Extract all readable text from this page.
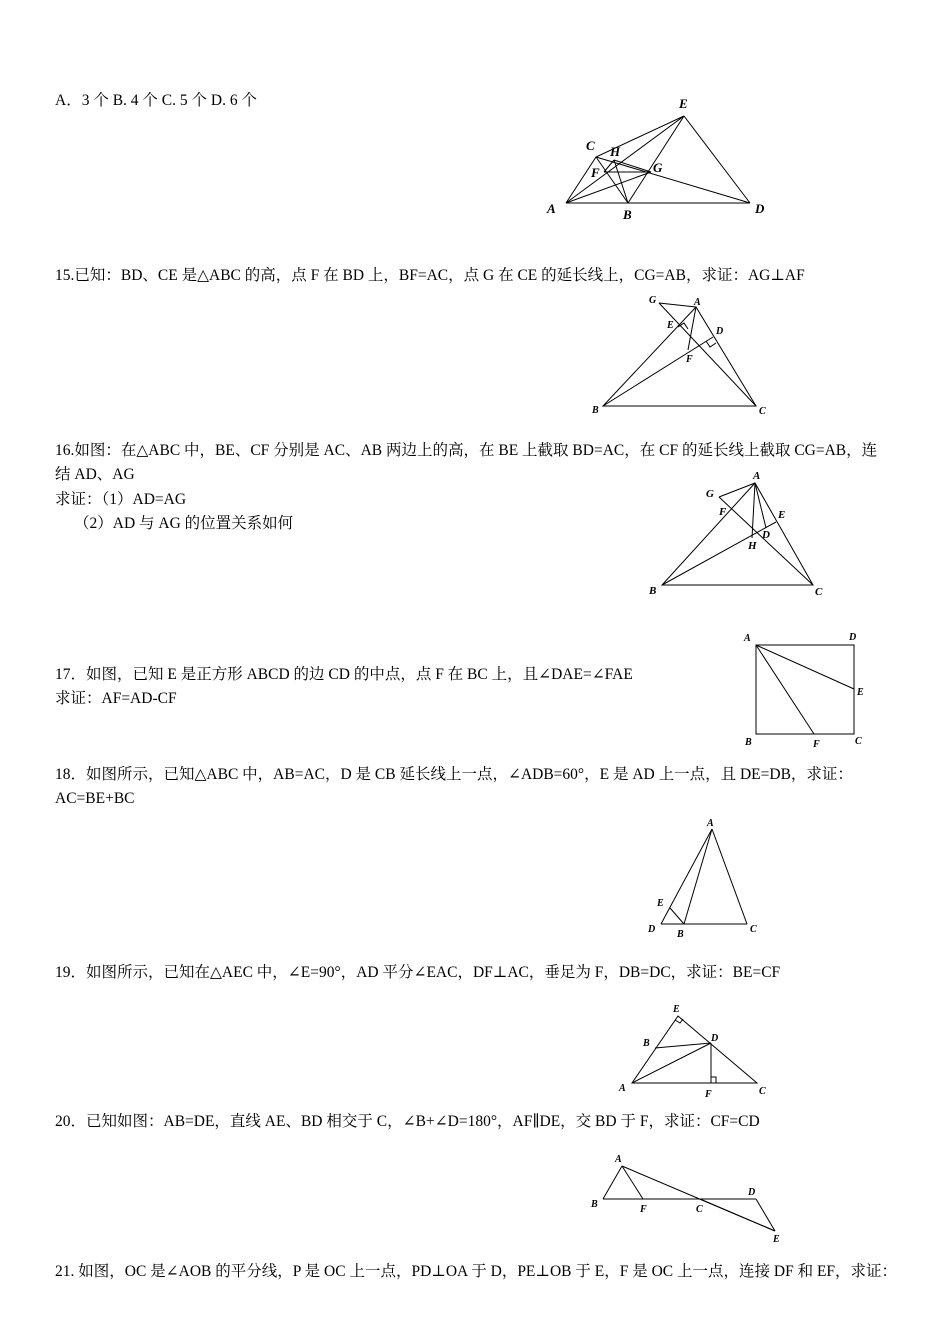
A．3 个 B. 4 个 C. 5 个 D. 6 个
A	B
C
D
E
F	G
H
15.已知：BD、CE 是△ABC 的高，点 F 在 BD 上，BF=AC，点 G 在 CE 的延长线上，CG=AB，求证：AG⊥AF
G	A
E
D
F
B	C
16.如图：在△ABC 中，BE、CF 分别是 AC、AB 两边上的高，在 BE 上截取 BD=AC，在 CF 的延长线上截取 CG=AB，连
结 AD、AG
求证：（1）AD=AG
（2）AD 与 AG 的位置关系如何
G
A
F	E
D
H
B	C
17．如图，已知 E 是正方形 ABCD 的边 CD 的中点，点 F 在 BC 上，且∠DAE=∠FAE
求证：AF=AD-CF
A	D
E
B	F	C
18．如图所示，已知△ABC 中，AB=AC，D 是 CB 延长线上一点，∠ADB=60°，E 是 AD 上一点，且 DE=DB，求证：
AC=BE+BC
A
E
D B	C
19．如图所示，已知在△AEC 中，∠E=90°，AD 平分∠EAC，DF⊥AC，垂足为 F，DB=DC，求证：BE=CF
E
B	D
A
F	C
20．已知如图：AB=DE，直线 AE、BD 相交于 C，∠B+∠D=180°，AF∥DE，交 BD 于 F，求证：CF=CD
A
B	F	C
D
E
21. 如图，OC 是∠AOB 的平分线，P 是 OC 上一点，PD⊥OA 于 D，PE⊥OB 于 E，F 是 OC 上一点，连接 DF 和 EF，求证：
